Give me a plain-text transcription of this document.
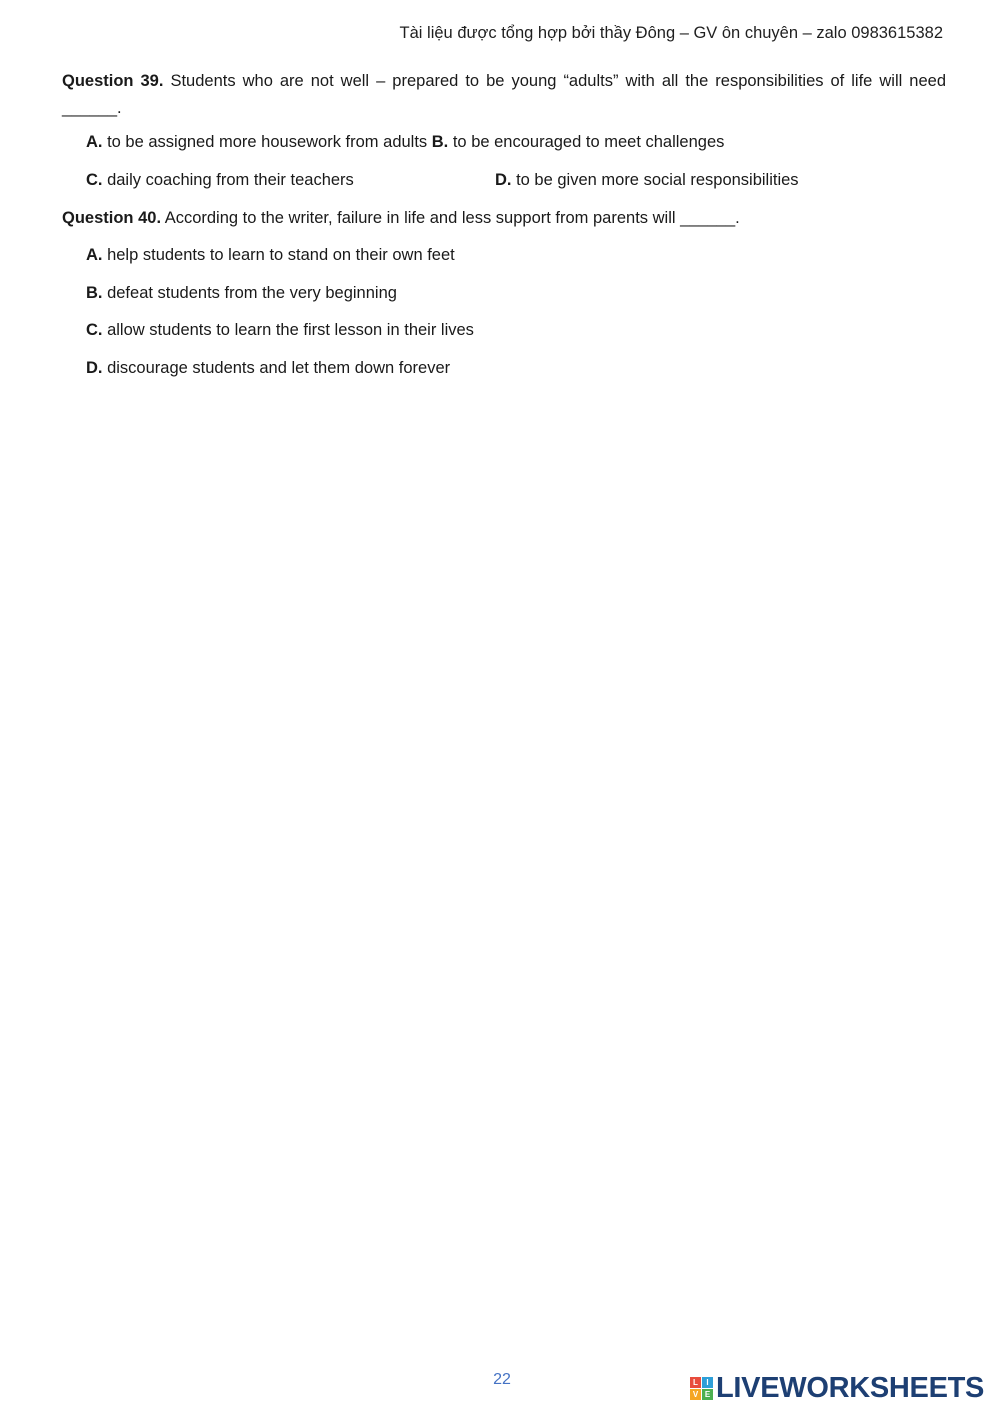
Tài liệu được tổng hợp bởi thầy Đông – GV ôn chuyên – zalo 0983615382
Question 39. Students who are not well – prepared to be young “adults” with all the responsibilities of life will need ______.
A. to be assigned more housework from adults B. to be encouraged to meet challenges
C. daily coaching from their teachers	D. to be given more social responsibilities
Question 40. According to the writer, failure in life and less support from parents will ______.
A. help students to learn to stand on their own feet
B. defeat students from the very beginning
C. allow students to learn the first lesson in their lives
D. discourage students and let them down forever
22	L	I
V E LIVEWORKSHEETS
